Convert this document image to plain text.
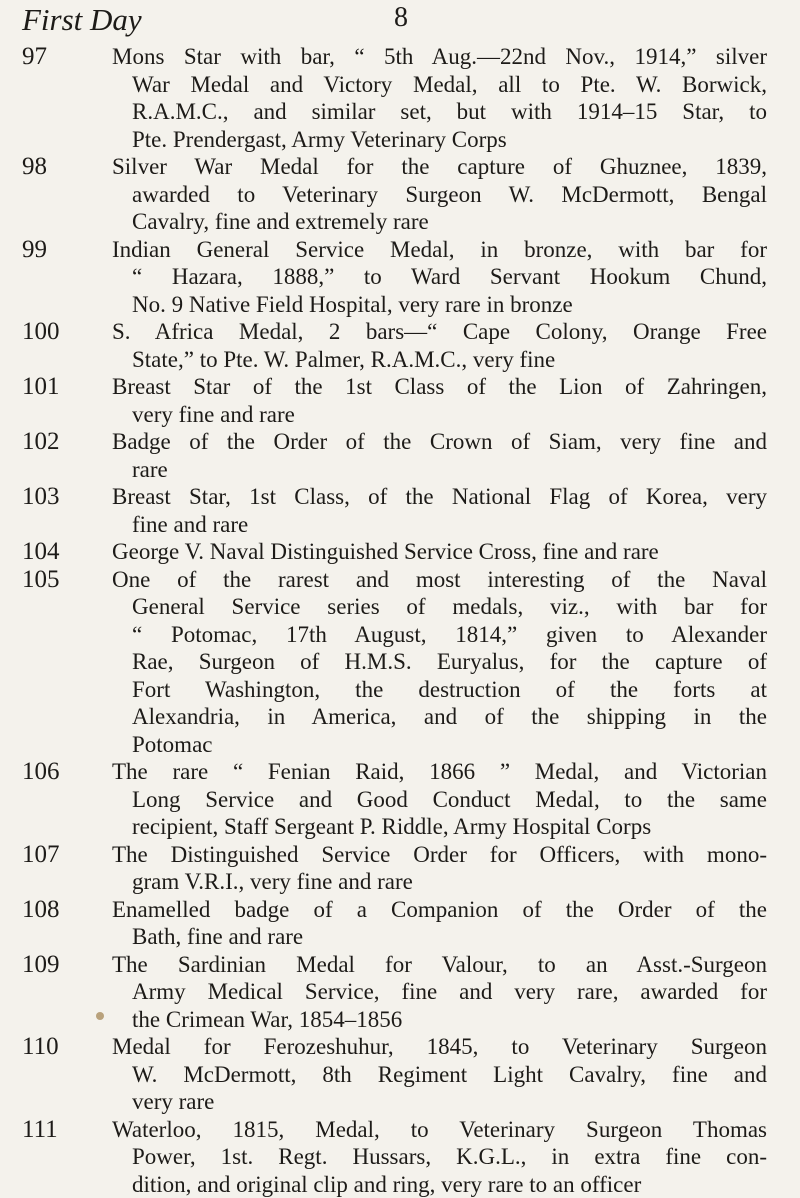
First Day	8
97	Mons Star with bar, “ 5th Aug.—22nd Nov., 1914,” silver
War Medal and Victory Medal, all to Pte. W. Borwick,
R.A.M.C., and similar set, but with 1914–15 Star, to
Pte. Prendergast, Army Veterinary Corps
98	Silver War Medal for the capture of Ghuznee, 1839,
awarded to Veterinary Surgeon W. McDermott, Bengal
Cavalry, fine and extremely rare
99	Indian General Service Medal, in bronze, with bar for
“ Hazara, 1888,” to Ward Servant Hookum Chund,
No. 9 Native Field Hospital, very rare in bronze
100	S. Africa Medal, 2 bars—“ Cape Colony, Orange Free
State,” to Pte. W. Palmer, R.A.M.C., very fine
101	Breast Star of the 1st Class of the Lion of Zahringen,
very fine and rare
102	Badge of the Order of the Crown of Siam, very fine and
rare
103	Breast Star, 1st Class, of the National Flag of Korea, very
fine and rare
104	George V. Naval Distinguished Service Cross, fine and rare
105	One of the rarest and most interesting of the Naval
General Service series of medals, viz., with bar for
“ Potomac, 17th August, 1814,” given to Alexander
Rae, Surgeon of H.M.S. Euryalus, for the capture of
Fort Washington, the destruction of the forts at
Alexandria, in America, and of the shipping in the
Potomac
106	The rare “ Fenian Raid, 1866 ” Medal, and Victorian
Long Service and Good Conduct Medal, to the same
recipient, Staff Sergeant P. Riddle, Army Hospital Corps
107	The Distinguished Service Order for Officers, with mono-
gram V.R.I., very fine and rare
108	Enamelled badge of a Companion of the Order of the
Bath, fine and rare
109	The Sardinian Medal for Valour, to an Asst.-Surgeon
Army Medical Service, fine and very rare, awarded for
the Crimean War, 1854–1856
110	Medal for Ferozeshuhur, 1845, to Veterinary Surgeon
W. McDermott, 8th Regiment Light Cavalry, fine and
very rare
111	Waterloo, 1815, Medal, to Veterinary Surgeon Thomas
Power, 1st. Regt. Hussars, K.G.L., in extra fine con-
dition, and original clip and ring, very rare to an officer
